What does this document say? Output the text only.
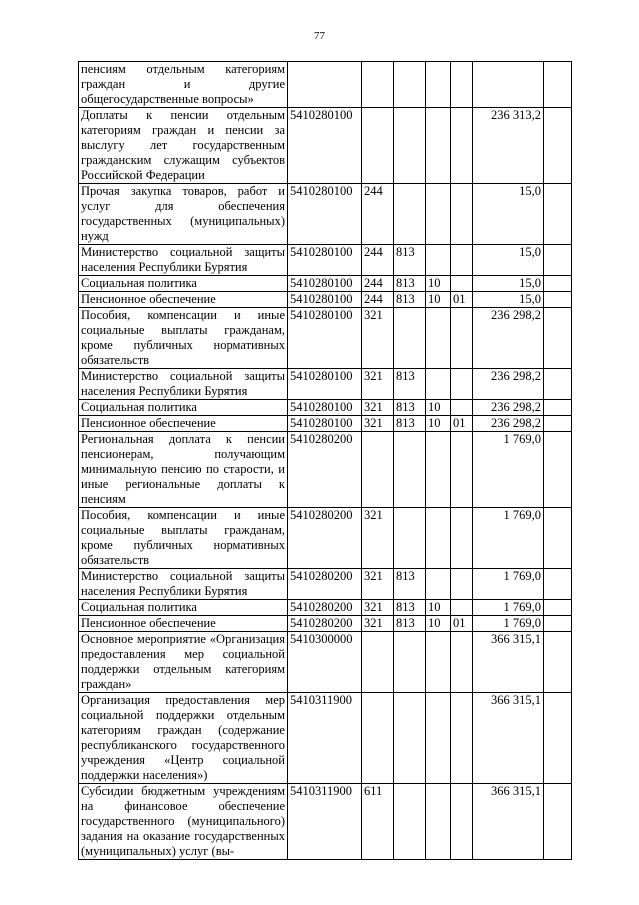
77
пенсиям отдельным категориям граждан и другие общегосударственные вопросы»							
Доплаты к пенсии отдельным категориям граждан и пенсии за выслугу лет государственным гражданским служащим субъектов Российской Федерации	5410280100					236 313,2	
Прочая закупка товаров, работ и услуг для обеспечения государственных (муниципальных) нужд	5410280100	244				15,0	
Министерство социальной защиты населения Республики Бурятия	5410280100	244	813			15,0	
Социальная политика	5410280100	244	813	10		15,0	
Пенсионное обеспечение	5410280100	244	813	10	01	15,0	
Пособия, компенсации и иные социальные выплаты гражданам, кроме публичных нормативных обязательств	5410280100	321				236 298,2	
Министерство социальной защиты населения Республики Бурятия	5410280100	321	813			236 298,2	
Социальная политика	5410280100	321	813	10		236 298,2	
Пенсионное обеспечение	5410280100	321	813	10	01	236 298,2	
Региональная доплата к пенсии пенсионерам, получающим минимальную пенсию по старости, и иные региональные доплаты к пенсиям	5410280200					1 769,0	
Пособия, компенсации и иные социальные выплаты гражданам, кроме публичных нормативных обязательств	5410280200	321				1 769,0	
Министерство социальной защиты населения Республики Бурятия	5410280200	321	813			1 769,0	
Социальная политика	5410280200	321	813	10		1 769,0	
Пенсионное обеспечение	5410280200	321	813	10	01	1 769,0	
Основное мероприятие «Организация предоставления мер социальной поддержки отдельным категориям граждан»	5410300000					366 315,1	
Организация предоставления мер социальной поддержки отдельным категориям граждан (содержание республиканского государственного учреждения «Центр социальной поддержки населения»)	5410311900					366 315,1	
Субсидии бюджетным учреждениям на финансовое обеспечение государственного (муниципального) задания на оказание государственных (муниципальных) услуг (вы-	5410311900	611				366 315,1	
